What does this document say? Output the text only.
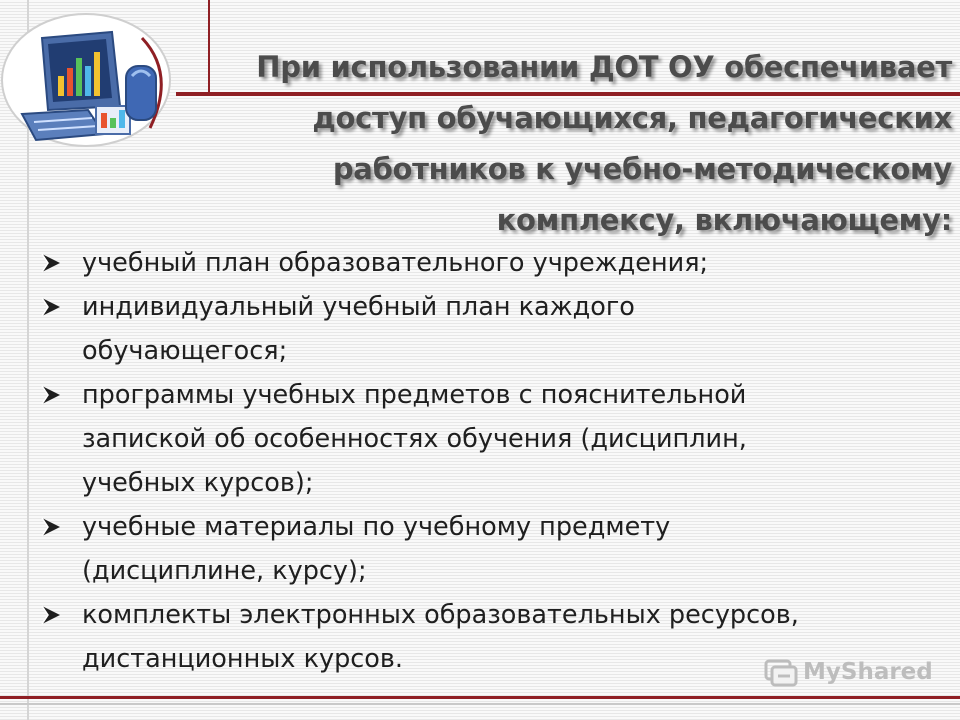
При использовании ДОТ ОУ обеспечивает
доступ обучающихся, педагогических
работников к учебно-методическому
комплексу, включающему:
учебный план образовательного учреждения;
индивидуальный учебный план каждого
обучающегося;
программы учебных предметов с пояснительной
запиской об особенностях обучения (дисциплин,
учебных курсов);
учебные материалы по учебному предмету
(дисциплине, курсу);
комплекты электронных образовательных ресурсов,
дистанционных курсов.	MyShared
